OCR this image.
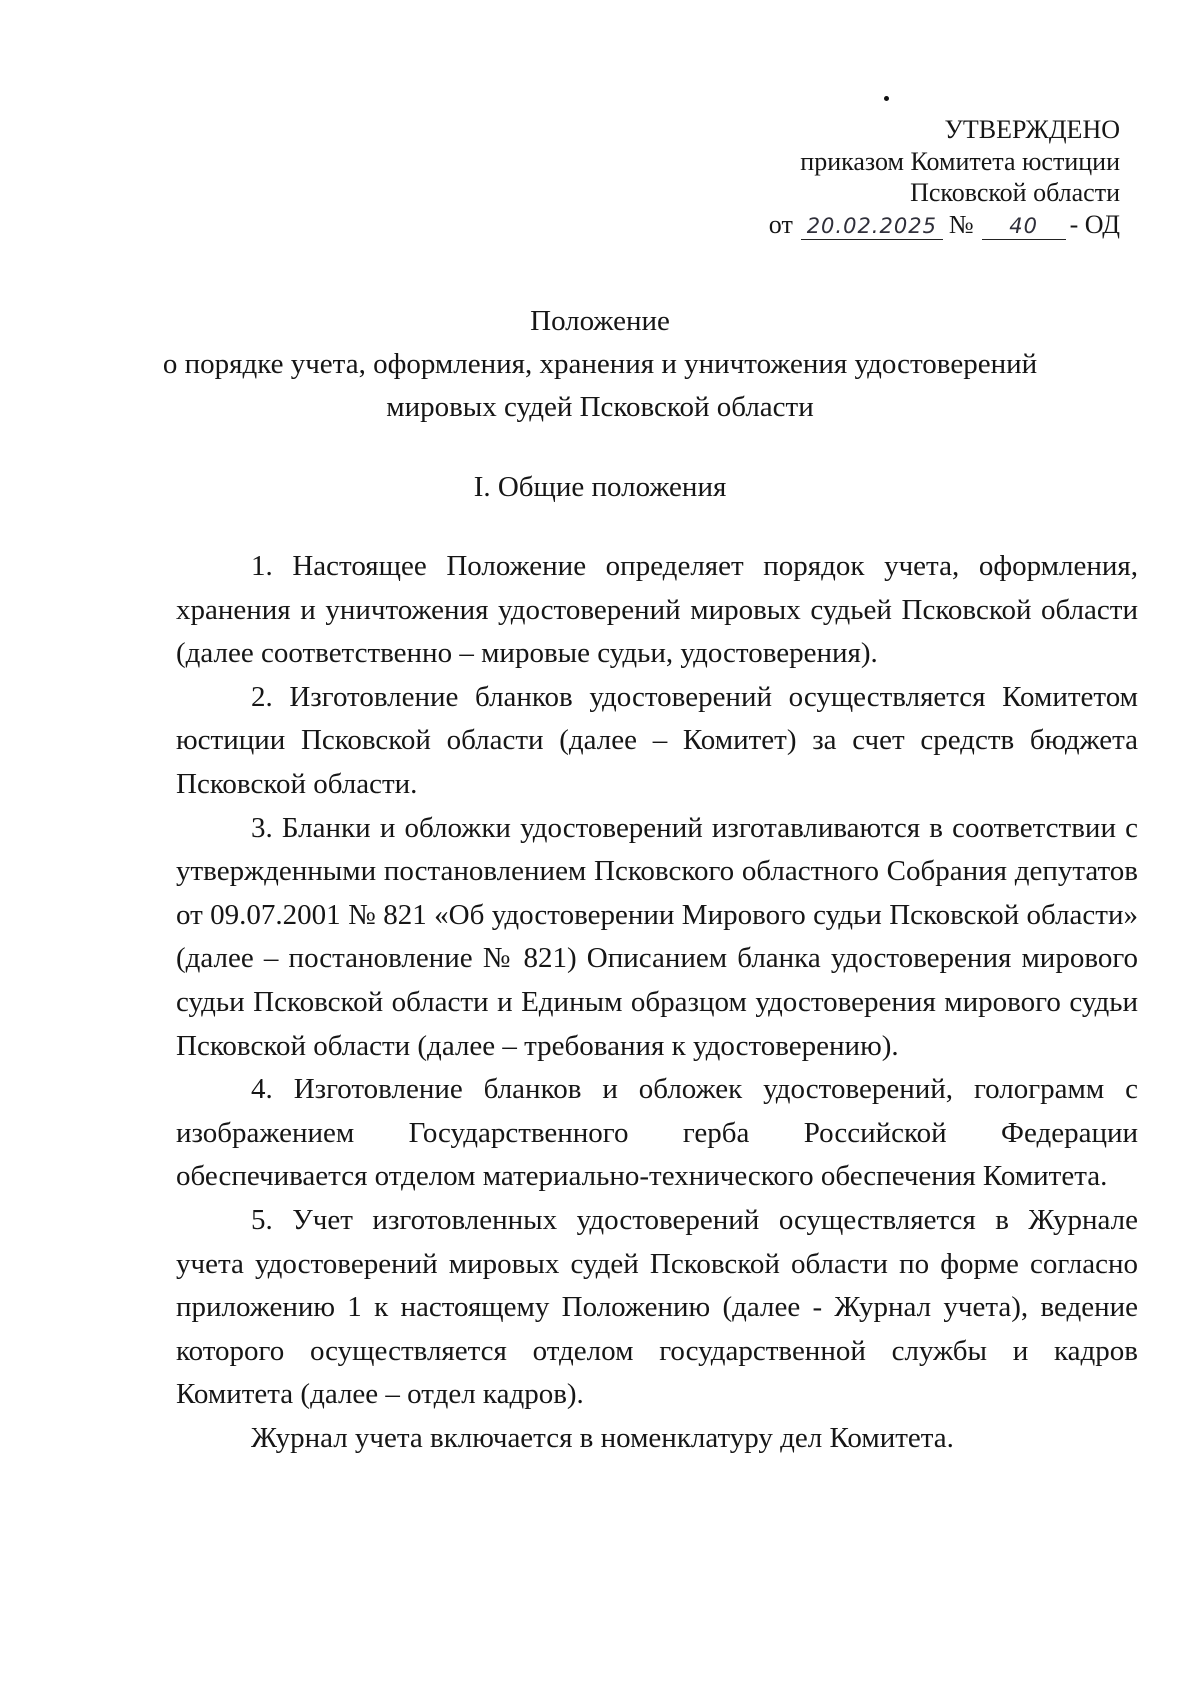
УТВЕРЖДЕНО
приказом Комитета юстиции
Псковской области
от 20.02.2025 №	40	- ОД
Положение
о порядке учета, оформления, хранения и уничтожения удостоверений
мировых судей Псковской области
I. Общие положения

1. Настоящее Положение определяет порядок учета, оформления, хранения и уничтожения удостоверений мировых судьей Псковской области (далее соответственно – мировые судьи, удостоверения).

2. Изготовление бланков удостоверений осуществляется Комитетом юстиции Псковской области (далее – Комитет) за счет средств бюджета Псковской области.

3. Бланки и обложки удостоверений изготавливаются в соответствии с утвержденными постановлением Псковского областного Собрания депутатов от 09.07.2001 № 821 «Об удостоверении Мирового судьи Псковской области» (далее – постановление № 821) Описанием бланка удостоверения мирового судьи Псковской области и Единым образцом удостоверения мирового судьи Псковской области (далее – требования к удостоверению).

4. Изготовление бланков и обложек удостоверений, голограмм с изображением Государственного герба Российской Федерации обеспечивается отделом материально-технического обеспечения Комитета.

5. Учет изготовленных удостоверений осуществляется в Журнале учета удостоверений мировых судей Псковской области по форме согласно приложению 1 к настоящему Положению (далее - Журнал учета), ведение которого осуществляется отделом государственной службы и кадров Комитета (далее – отдел кадров).

Журнал учета включается в номенклатуру дел Комитета.
